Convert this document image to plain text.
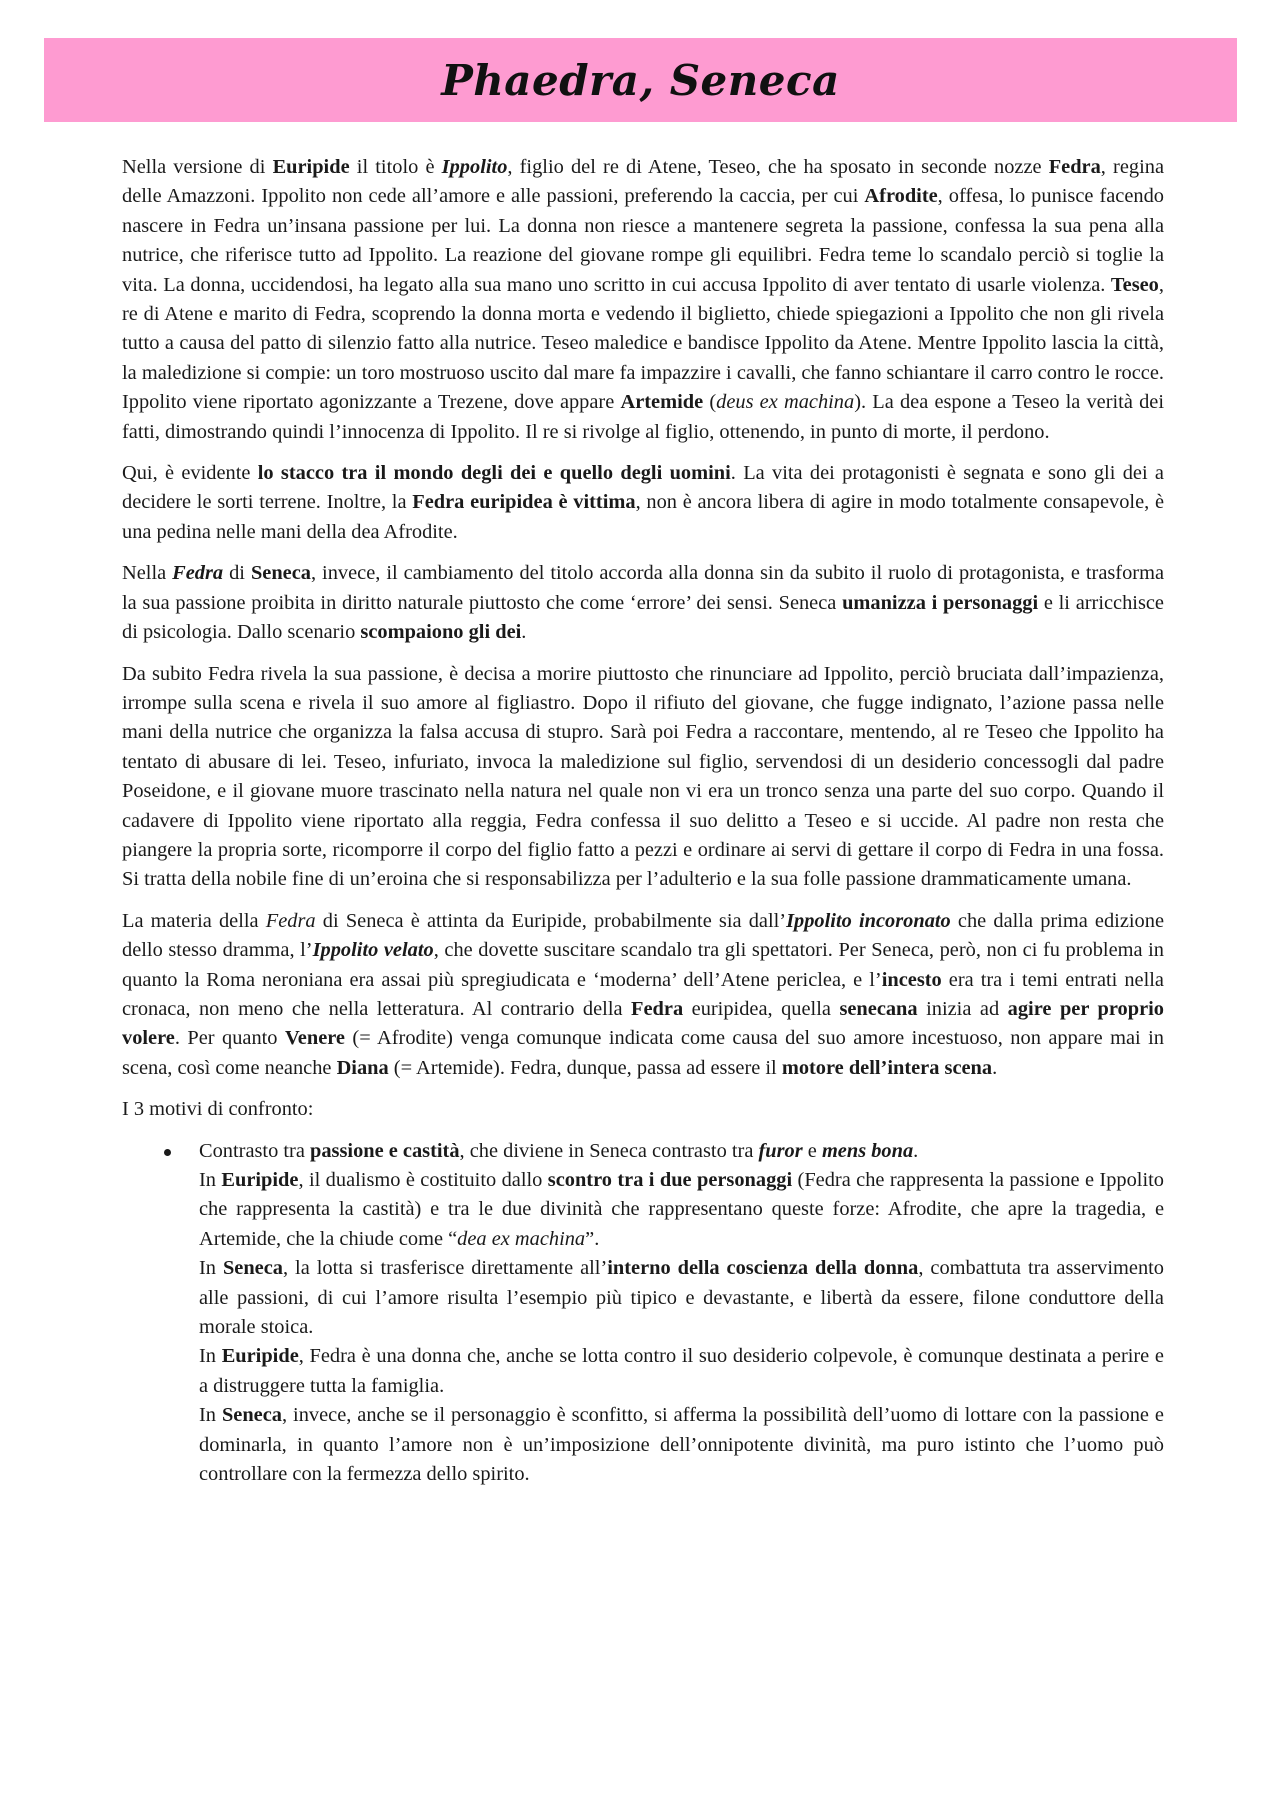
Phaedra, Seneca

Nella versione di Euripide il titolo è Ippolito, figlio del re di Atene, Teseo, che ha sposato in seconde nozze Fedra, regina delle Amazzoni. Ippolito non cede all’amore e alle passioni, preferendo la caccia, per cui Afrodite, offesa, lo punisce facendo nascere in Fedra un’insana passione per lui. La donna non riesce a mantenere segreta la passione, confessa la sua pena alla nutrice, che riferisce tutto ad Ippolito. La reazione del giovane rompe gli equilibri. Fedra teme lo scandalo perciò si toglie la vita. La donna, uccidendosi, ha legato alla sua mano uno scritto in cui accusa Ippolito di aver tentato di usarle violenza. Teseo, re di Atene e marito di Fedra, scoprendo la donna morta e vedendo il biglietto, chiede spiegazioni a Ippolito che non gli rivela tutto a causa del patto di silenzio fatto alla nutrice. Teseo maledice e bandisce Ippolito da Atene. Mentre Ippolito lascia la città, la maledizione si compie: un toro mostruoso uscito dal mare fa impazzire i cavalli, che fanno schiantare il carro contro le rocce. Ippolito viene riportato agonizzante a Trezene, dove appare Artemide (deus ex machina). La dea espone a Teseo la verità dei fatti, dimostrando quindi l’innocenza di Ippolito. Il re si rivolge al figlio, ottenendo, in punto di morte, il perdono.

Qui, è evidente lo stacco tra il mondo degli dei e quello degli uomini. La vita dei protagonisti è segnata e sono gli dei a decidere le sorti terrene. Inoltre, la Fedra euripidea è vittima, non è ancora libera di agire in modo totalmente consapevole, è una pedina nelle mani della dea Afrodite.

Nella Fedra di Seneca, invece, il cambiamento del titolo accorda alla donna sin da subito il ruolo di protagonista, e trasforma la sua passione proibita in diritto naturale piuttosto che come ‘errore’ dei sensi. Seneca umanizza i personaggi e li arricchisce di psicologia. Dallo scenario scompaiono gli dei.

Da subito Fedra rivela la sua passione, è decisa a morire piuttosto che rinunciare ad Ippolito, perciò bruciata dall’impazienza, irrompe sulla scena e rivela il suo amore al figliastro. Dopo il rifiuto del giovane, che fugge indignato, l’azione passa nelle mani della nutrice che organizza la falsa accusa di stupro. Sarà poi Fedra a raccontare, mentendo, al re Teseo che Ippolito ha tentato di abusare di lei. Teseo, infuriato, invoca la maledizione sul figlio, servendosi di un desiderio concessogli dal padre Poseidone, e il giovane muore trascinato nella natura nel quale non vi era un tronco senza una parte del suo corpo. Quando il cadavere di Ippolito viene riportato alla reggia, Fedra confessa il suo delitto a Teseo e si uccide. Al padre non resta che piangere la propria sorte, ricomporre il corpo del figlio fatto a pezzi e ordinare ai servi di gettare il corpo di Fedra in una fossa. Si tratta della nobile fine di un’eroina che si responsabilizza per l’adulterio e la sua folle passione drammaticamente umana.

La materia della Fedra di Seneca è attinta da Euripide, probabilmente sia dall’Ippolito incoronato che dalla prima edizione dello stesso dramma, l’Ippolito velato, che dovette suscitare scandalo tra gli spettatori. Per Seneca, però, non ci fu problema in quanto la Roma neroniana era assai più spregiudicata e ‘moderna’ dell’Atene periclea, e l’incesto era tra i temi entrati nella cronaca, non meno che nella letteratura. Al contrario della Fedra euripidea, quella senecana inizia ad agire per proprio volere. Per quanto Venere (= Afrodite) venga comunque indicata come causa del suo amore incestuoso, non appare mai in scena, così come neanche Diana (= Artemide). Fedra, dunque, passa ad essere il motore dell’intera scena.

I 3 motivi di confronto:

Contrasto tra passione e castità, che diviene in Seneca contrasto tra furor e mens bona.
In Euripide, il dualismo è costituito dallo scontro tra i due personaggi (Fedra che rappresenta la passione e Ippolito che rappresenta la castità) e tra le due divinità che rappresentano queste forze: Afrodite, che apre la tragedia, e Artemide, che la chiude come “dea ex machina”.
In Seneca, la lotta si trasferisce direttamente all’interno della coscienza della donna, combattuta tra asservimento alle passioni, di cui l’amore risulta l’esempio più tipico e devastante, e libertà da essere, filone conduttore della morale stoica.
In Euripide, Fedra è una donna che, anche se lotta contro il suo desiderio colpevole, è comunque destinata a perire e a distruggere tutta la famiglia.
In Seneca, invece, anche se il personaggio è sconfitto, si afferma la possibilità dell’uomo di lottare con la passione e dominarla, in quanto l’amore non è un’imposizione dell’onnipotente divinità, ma puro istinto che l’uomo può controllare con la fermezza dello spirito.
